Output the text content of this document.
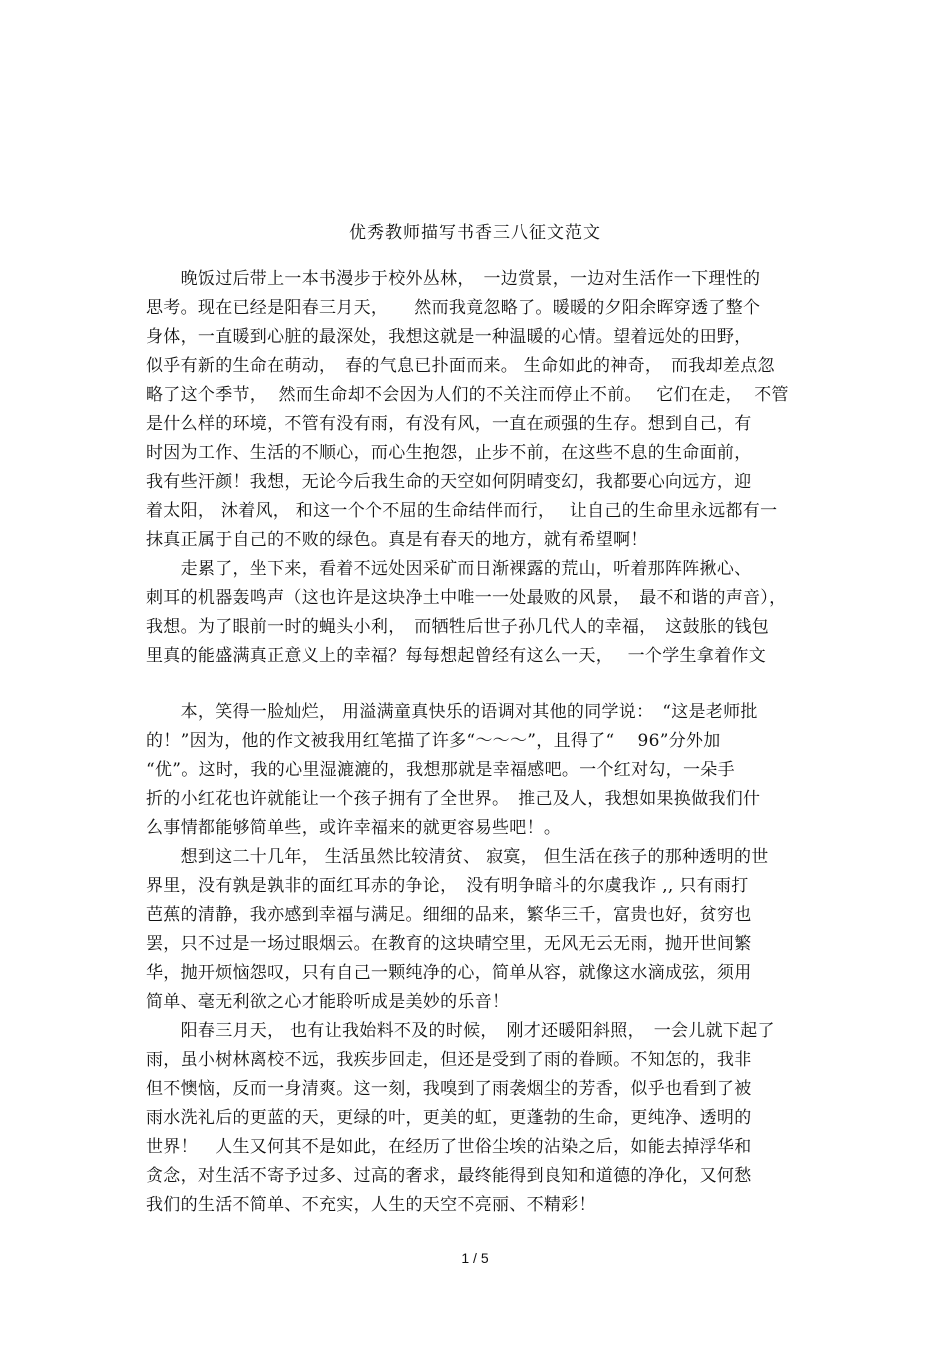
优秀教师描写书香三八征文范文
　　晚饭过后带上一本书漫步于校外丛林，　一边赏景，一边对生活作一下理性的
思考。现在已经是阳春三月天，　　然而我竟忽略了。暖暖的夕阳余晖穿透了整个
身体，一直暖到心脏的最深处，我想这就是一种温暖的心情。望着远处的田野，
似乎有新的生命在萌动，　春的气息已扑面而来。 生命如此的神奇，　而我却差点忽
略了这个季节，  然而生命却不会因为人们的不关注而停止不前。　 它们在走，  不管
是什么样的环境，不管有没有雨，有没有风，一直在顽强的生存。想到自己，有
时因为工作、生活的不顺心，而心生抱怨，止步不前，在这些不息的生命面前，
我有些汗颜！我想，无论今后我生命的天空如何阴晴变幻，我都要心向远方，迎
着太阳， 沐着风， 和这一个个不屈的生命结伴而行，　 让自己的生命里永远都有一
抹真正属于自己的不败的绿色。真是有春天的地方，就有希望啊！
　　走累了，坐下来，看着不远处因采矿而日渐裸露的荒山，听着那阵阵揪心、
刺耳的机器轰鸣声（这也许是这块净土中唯一一处最败的风景，　最不和谐的声音），
我想。为了眼前一时的蝇头小利，　而牺牲后世子孙几代人的幸福，　这鼓胀的钱包
里真的能盛满真正意义上的幸福？每每想起曾经有这么一天，　 一个学生拿着作文
　　本，笑得一脸灿烂， 用溢满童真快乐的语调对其他的同学说：　“这是老师批
的！”因为，他的作文被我用红笔描了许多“～～～”，且得了“　 96”分外加
“优”。这时，我的心里湿漉漉的，我想那就是幸福感吧。一个红对勾，一朵手
折的小红花也许就能让一个孩子拥有了全世界。　推己及人，我想如果换做我们什
么事情都能够简单些，或许幸福来的就更容易些吧！。
　　想到这二十几年， 生活虽然比较清贫、 寂寞， 但生活在孩子的那种透明的世
界里，没有孰是孰非的面红耳赤的争论，　没有明争暗斗的尔虞我诈 ,, 只有雨打
芭蕉的清静，我亦感到幸福与满足。细细的品来，繁华三千，富贵也好，贫穷也
罢，只不过是一场过眼烟云。在教育的这块晴空里，无风无云无雨，抛开世间繁
华，抛开烦恼怨叹，只有自己一颗纯净的心，简单从容，就像这水滴成弦，须用
简单、毫无利欲之心才能聆听成是美妙的乐音！
　　阳春三月天， 也有让我始料不及的时候，　刚才还暖阳斜照，　一会儿就下起了
雨，虽小树林离校不远，我疾步回走，但还是受到了雨的眷顾。不知怎的，我非
但不懊恼，反而一身清爽。这一刻，我嗅到了雨袭烟尘的芳香，似乎也看到了被
雨水洗礼后的更蓝的天，更绿的叶，更美的虹，更蓬勃的生命，更纯净、透明的
世界！　人生又何其不是如此，在经历了世俗尘埃的沾染之后，如能去掉浮华和
贪念，对生活不寄予过多、过高的奢求，最终能得到良知和道德的净化，又何愁
我们的生活不简单、不充实，人生的天空不亮丽、不精彩！
1 / 5
